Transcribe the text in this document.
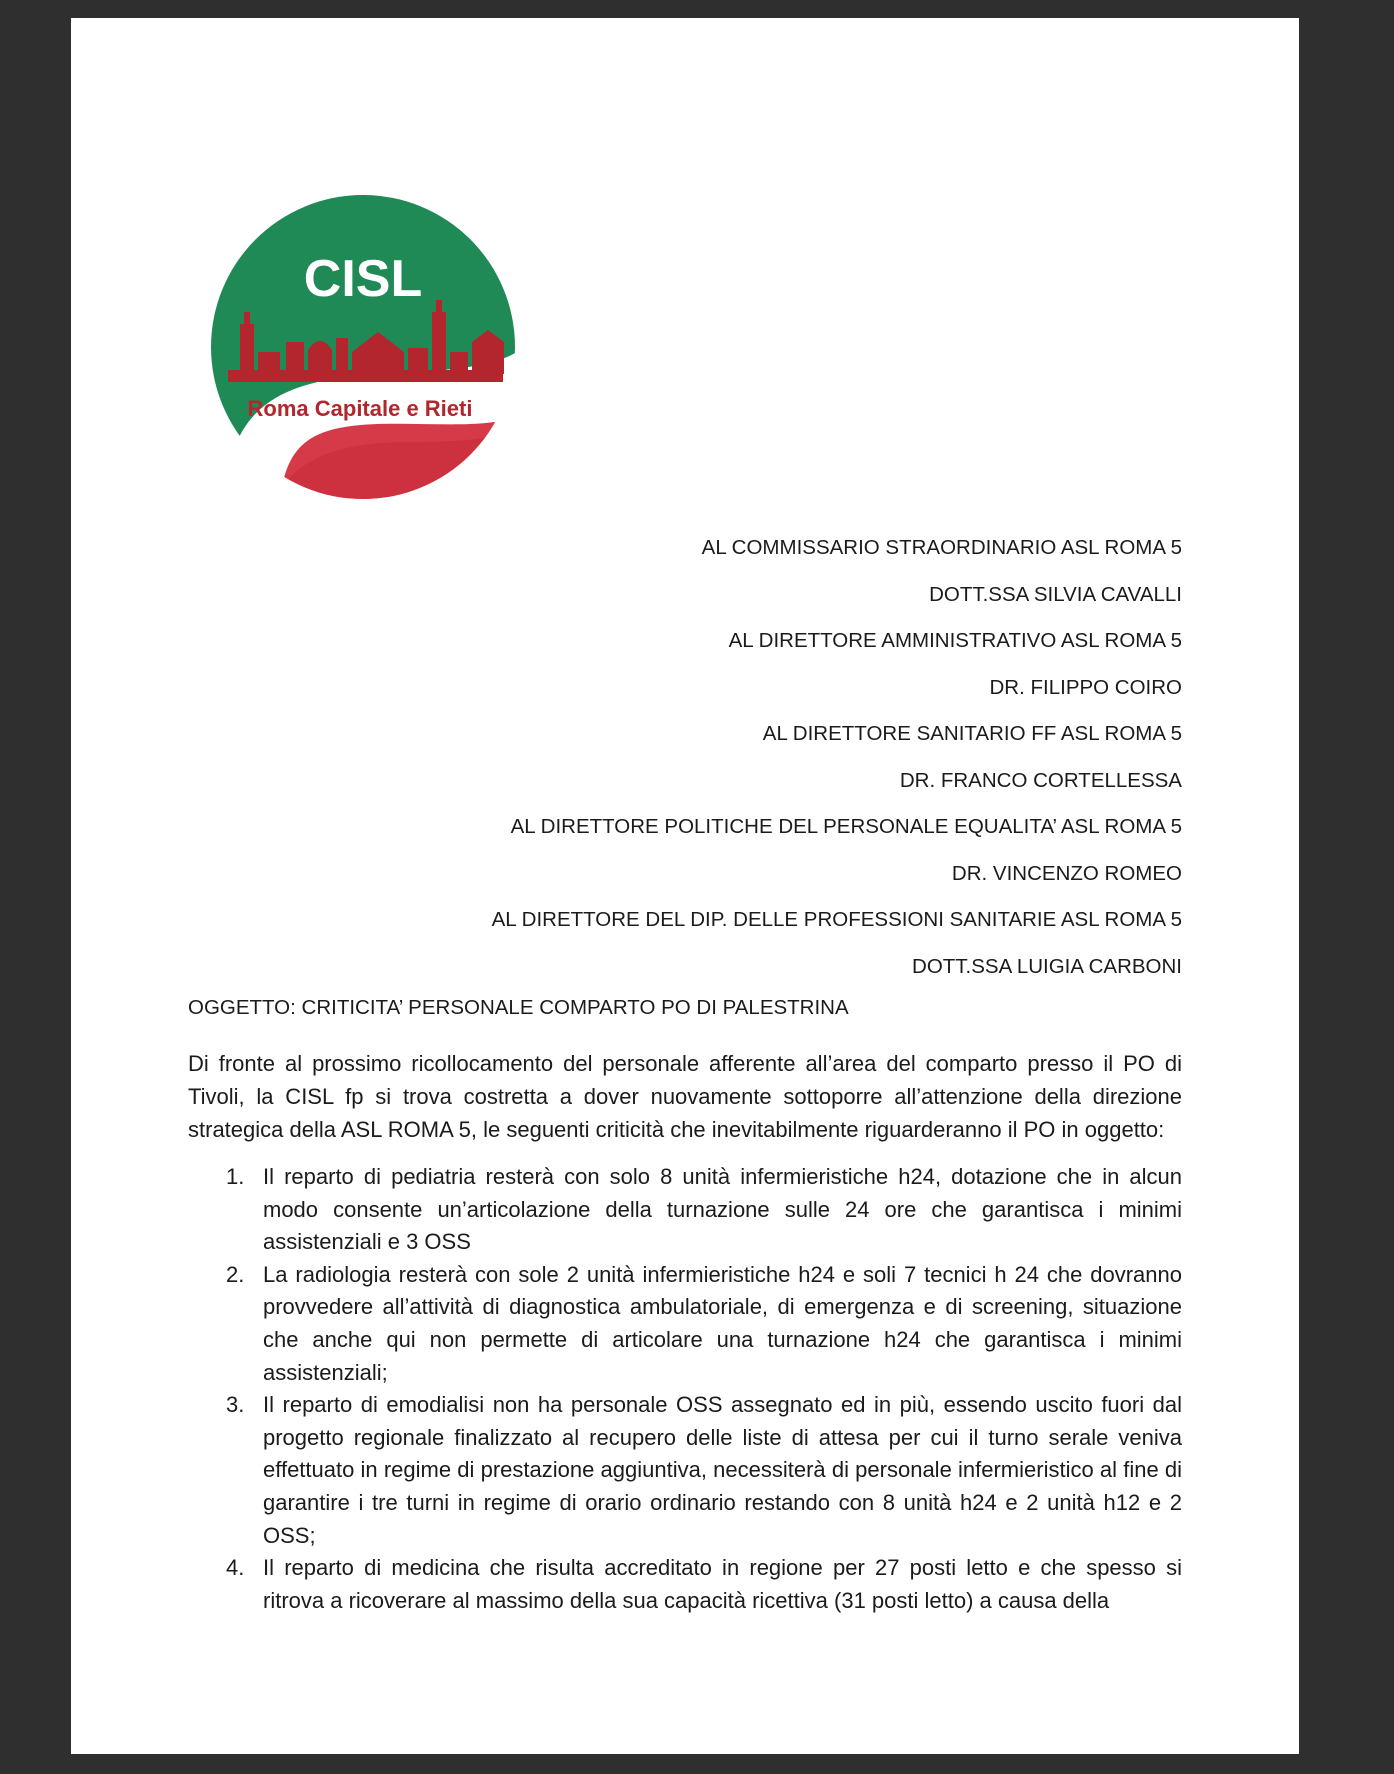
CISL
Roma Capitale e Rieti
AL COMMISSARIO STRAORDINARIO ASL ROMA 5
DOTT.SSA SILVIA CAVALLI
AL DIRETTORE AMMINISTRATIVO ASL ROMA 5
DR. FILIPPO COIRO
AL DIRETTORE SANITARIO FF ASL ROMA 5
DR. FRANCO CORTELLESSA
AL DIRETTORE POLITICHE DEL PERSONALE EQUALITA’ ASL ROMA 5
DR. VINCENZO ROMEO
AL DIRETTORE DEL DIP. DELLE PROFESSIONI SANITARIE ASL ROMA 5
DOTT.SSA LUIGIA CARBONI
OGGETTO: CRITICITA’ PERSONALE COMPARTO PO DI PALESTRINA

Di fronte al prossimo ricollocamento del personale afferente all’area del comparto presso il PO di Tivoli, la CISL fp si trova costretta a dover nuovamente sottoporre all’attenzione della direzione strategica della ASL ROMA 5, le seguenti criticità che inevitabilmente riguarderanno il PO in oggetto:

1. Il reparto di pediatria resterà con solo 8 unità infermieristiche h24, dotazione che in alcun modo consente un’articolazione della turnazione sulle 24 ore che garantisca i minimi assistenziali e 3 OSS
2. La radiologia resterà con sole 2 unità infermieristiche h24 e soli 7 tecnici h 24 che dovranno provvedere all’attività di diagnostica ambulatoriale, di emergenza e di screening, situazione che anche qui non permette di articolare una turnazione h24 che garantisca i minimi assistenziali;
3. Il reparto di emodialisi non ha personale OSS assegnato ed in più, essendo uscito fuori dal progetto regionale finalizzato al recupero delle liste di attesa per cui il turno serale veniva effettuato in regime di prestazione aggiuntiva, necessiterà di personale infermieristico al fine di garantire i tre turni in regime di orario ordinario restando con 8 unità h24 e 2 unità h12 e 2 OSS;
4. Il reparto di medicina che risulta accreditato in regione per 27 posti letto e che spesso si ritrova a ricoverare al massimo della sua capacità ricettiva (31 posti letto) a causa della
